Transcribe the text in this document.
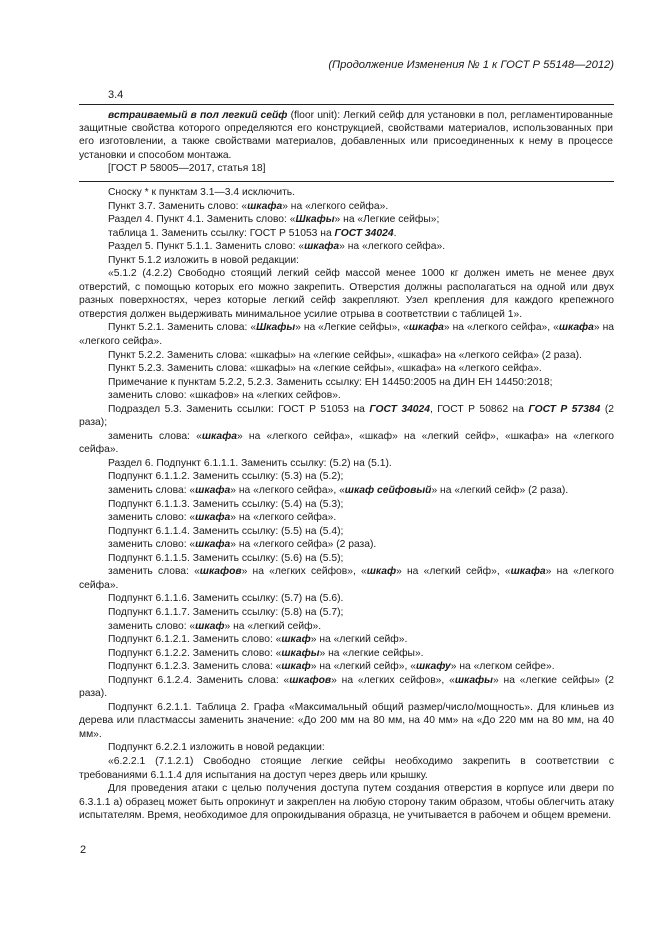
(Продолжение Изменения № 1 к ГОСТ Р 55148—2012)
3.4

встраиваемый в пол легкий сейф (floor unit): Легкий сейф для установки в пол, регламентированные защитные свойства которого определяются его конструкцией, свойствами материалов, использованных при его изготовлении, а также свойствами материалов, добавленных или присоединенных к нему в процессе установки и способом монтажа.

[ГОСТ Р 58005—2017, статья 18]

Сноску * к пунктам 3.1—3.4 исключить.

Пункт 3.7. Заменить слово: «шкафа» на «легкого сейфа».

Раздел 4. Пункт 4.1. Заменить слово: «Шкафы» на «Легкие сейфы»;

таблица 1. Заменить ссылку: ГОСТ Р 51053 на ГОСТ 34024.

Раздел 5. Пункт 5.1.1. Заменить слово: «шкафа» на «легкого сейфа».

Пункт 5.1.2 изложить в новой редакции:

«5.1.2 (4.2.2) Свободно стоящий легкий сейф массой менее 1000 кг должен иметь не менее двух отверстий, с помощью которых его можно закрепить. Отверстия должны располагаться на одной или двух разных поверхностях, через которые легкий сейф закрепляют. Узел крепления для каждого крепежного отверстия должен выдерживать минимальное усилие отрыва в соответствии с таблицей 1».

Пункт 5.2.1. Заменить слова: «Шкафы» на «Легкие сейфы», «шкафа» на «легкого сейфа», «шкафа» на «легкого сейфа».

Пункт 5.2.2. Заменить слова: «шкафы» на «легкие сейфы», «шкафа» на «легкого сейфа» (2 раза).

Пункт 5.2.3. Заменить слова: «шкафы» на «легкие сейфы», «шкафа» на «легкого сейфа».

Примечание к пунктам 5.2.2, 5.2.3. Заменить ссылку: ЕН 14450:2005 на ДИН ЕН 14450:2018;

заменить слово: «шкафов» на «легких сейфов».

Подраздел 5.3. Заменить ссылки: ГОСТ Р 51053 на ГОСТ 34024, ГОСТ Р 50862 на ГОСТ Р 57384 (2 раза);

заменить слова: «шкафа» на «легкого сейфа», «шкаф» на «легкий сейф», «шкафа» на «легкого сейфа».

Раздел 6. Подпункт 6.1.1.1. Заменить ссылку: (5.2) на (5.1).

Подпункт 6.1.1.2. Заменить ссылку: (5.3) на (5.2);

заменить слова: «шкафа» на «легкого сейфа», «шкаф сейфовый» на «легкий сейф» (2 раза).

Подпункт 6.1.1.3. Заменить ссылку: (5.4) на (5.3);

заменить слово: «шкафа» на «легкого сейфа».

Подпункт 6.1.1.4. Заменить ссылку: (5.5) на (5.4);

заменить слово: «шкафа» на «легкого сейфа» (2 раза).

Подпункт 6.1.1.5. Заменить ссылку: (5.6) на (5.5);

заменить слова: «шкафов» на «легких сейфов», «шкаф» на «легкий сейф», «шкафа» на «легкого сейфа».

Подпункт 6.1.1.6. Заменить ссылку: (5.7) на (5.6).

Подпункт 6.1.1.7. Заменить ссылку: (5.8) на (5.7);

заменить слово: «шкаф» на «легкий сейф».

Подпункт 6.1.2.1. Заменить слово: «шкаф» на «легкий сейф».

Подпункт 6.1.2.2. Заменить слово: «шкафы» на «легкие сейфы».

Подпункт 6.1.2.3. Заменить слова: «шкаф» на «легкий сейф», «шкафу» на «легком сейфе».

Подпункт 6.1.2.4. Заменить слова: «шкафов» на «легких сейфов», «шкафы» на «легкие сейфы» (2 раза).

Подпункт 6.2.1.1. Таблица 2. Графа «Максимальный общий размер/число/мощность». Для клиньев из дерева или пластмассы заменить значение: «До 200 мм на 80 мм, на 40 мм» на «До 220 мм на 80 мм, на 40 мм».

Подпункт 6.2.2.1 изложить в новой редакции:

«6.2.2.1 (7.1.2.1) Свободно стоящие легкие сейфы необходимо закрепить в соответствии с требованиями 6.1.1.4 для испытания на доступ через дверь или крышку.

Для проведения атаки с целью получения доступа путем создания отверстия в корпусе или двери по 6.3.1.1 а) образец может быть опрокинут и закреплен на любую сторону таким образом, чтобы облегчить атаку испытателям. Время, необходимое для опрокидывания образца, не учитывается в рабочем и общем времени.

2
